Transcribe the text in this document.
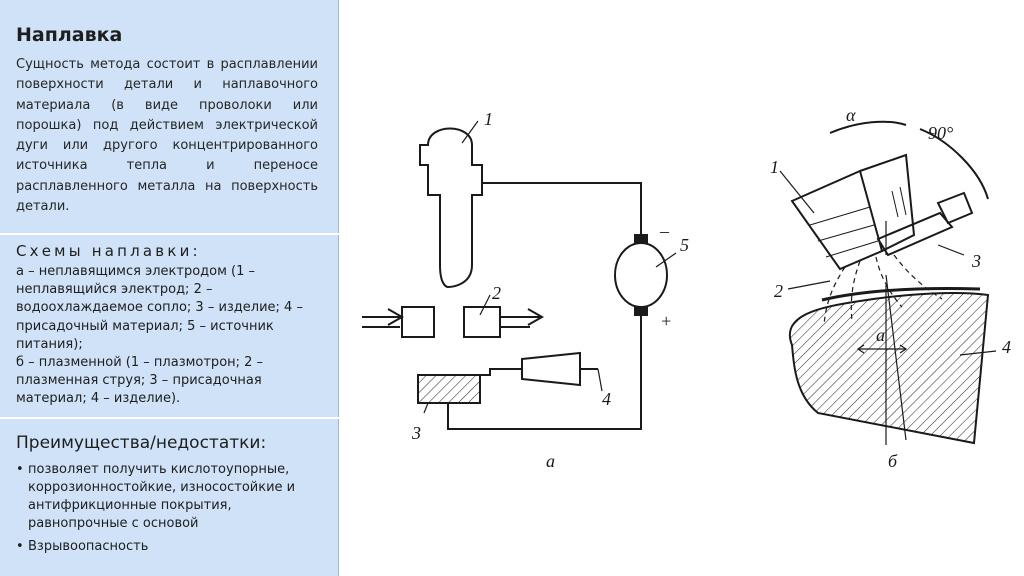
Наплавка

Сущность метода состоит в расплавлении поверхности детали и наплавочного материала (в виде проволоки или порошка) под действием электрической дуги или другого концентрированного источника тепла и переносе расплавленного металла на поверхность детали.

Схемы наплавки:

а – неплавящимся электродом (1 – неплавящийся электрод; 2 – водоохлаждаемое сопло; 3 – изделие; 4 – присадочный материал; 5 – источник питания);

б – плазменной (1 – плазмотрон; 2 – плазменная струя; 3 – присадочная материал; 4 – изделие).

Преимущества/недостатки:

• позволяет получить кислотоупорные, коррозионностойкие, износостойкие и антифрикционные покрытия, равнопрочные с основой
• Взрывоопасность
1
2
3
4
5
–
+
а
1
2
3
4
α
90°
a
б
